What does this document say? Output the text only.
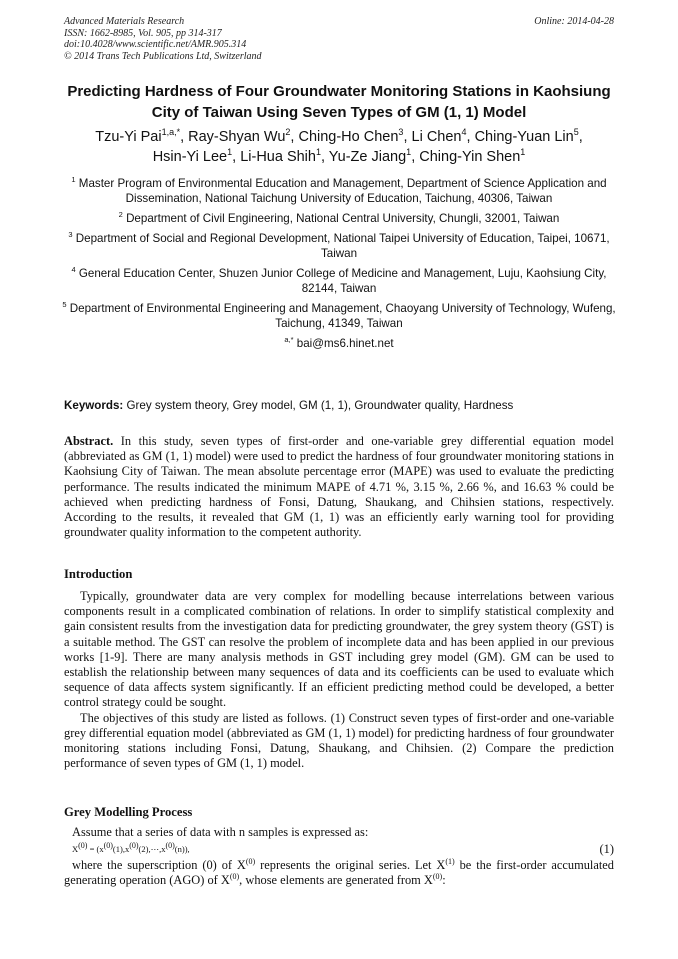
Advanced Materials Research
ISSN: 1662-8985, Vol. 905, pp 314-317
doi:10.4028/www.scientific.net/AMR.905.314
© 2014 Trans Tech Publications Ltd, Switzerland
Online: 2014-04-28
Predicting Hardness of Four Groundwater Monitoring Stations in Kaohsiung City of Taiwan Using Seven Types of GM (1, 1) Model
Tzu-Yi Pai$^{1,a,*}$, Ray-Shyan Wu$^2$, Ching-Ho Chen$^3$, Li Chen$^4$, Ching-Yuan Lin$^5$,
Hsin-Yi Lee$^1$, Li-Hua Shih$^1$, Yu-Ze Jiang$^1$, Ching-Yin Shen$^1$
$^1$ Master Program of Environmental Education and Management, Department of Science Application and Dissemination, National Taichung University of Education, Taichung, 40306, Taiwan
$^2$ Department of Civil Engineering, National Central University, Chungli, 32001, Taiwan
$^3$ Department of Social and Regional Development, National Taipei University of Education, Taipei, 10671, Taiwan
$^4$ General Education Center, Shuzen Junior College of Medicine and Management, Luju, Kaohsiung City, 82144, Taiwan
$^5$ Department of Environmental Engineering and Management, Chaoyang University of Technology, Wufeng, Taichung, 41349, Taiwan
$^{a,*}$ bai@ms6.hinet.net
Keywords: Grey system theory, Grey model, GM (1, 1), Groundwater quality, Hardness
Abstract. In this study, seven types of first-order and one-variable grey differential equation model (abbreviated as GM (1, 1) model) were used to predict the hardness of four groundwater monitoring stations in Kaohsiung City of Taiwan. The mean absolute percentage error (MAPE) was used to evaluate the predicting performance. The results indicated the minimum MAPE of 4.71 %, 3.15 %, 2.66 %, and 16.63 % could be achieved when predicting hardness of Fonsi, Datung, Shaukang, and Chihsien stations, respectively. According to the results, it revealed that GM (1, 1) was an efficiently early warning tool for providing groundwater quality information to the competent authority.
Introduction

Typically, groundwater data are very complex for modelling because interrelations between various components result in a complicated combination of relations. In order to simplify statistical complexity and gain consistent results from the investigation data for predicting groundwater, the grey system theory (GST) is a suitable method. The GST can resolve the problem of incomplete data and has been applied in our previous works [1-9]. There are many analysis methods in GST including grey model (GM). GM can be used to establish the relationship between many sequences of data and its coefficients can be used to evaluate which sequence of data affects system significantly. If an efficient predicting method could be developed, a better control strategy could be sought.

The objectives of this study are listed as follows. (1) Construct seven types of first-order and one-variable grey differential equation model (abbreviated as GM (1, 1) model) for predicting hardness of four groundwater monitoring stations including Fonsi, Datung, Shaukang, and Chihsien. (2) Compare the prediction performance of seven types of GM (1, 1) model.

Grey Modelling Process

Assume that a series of data with n samples is expressed as:

$X^{(0)}$ = $(x^{(0)}(1),x^{(0)}(2),\cdots,x^{(0)}(n))$,	(1)

where the superscription (0) of $X^{(0)}$ represents the original series. Let $X^{(1)}$ be the first-order accumulated generating operation (AGO) of $X^{(0)}$, whose elements are generated from $X^{(0)}$:
